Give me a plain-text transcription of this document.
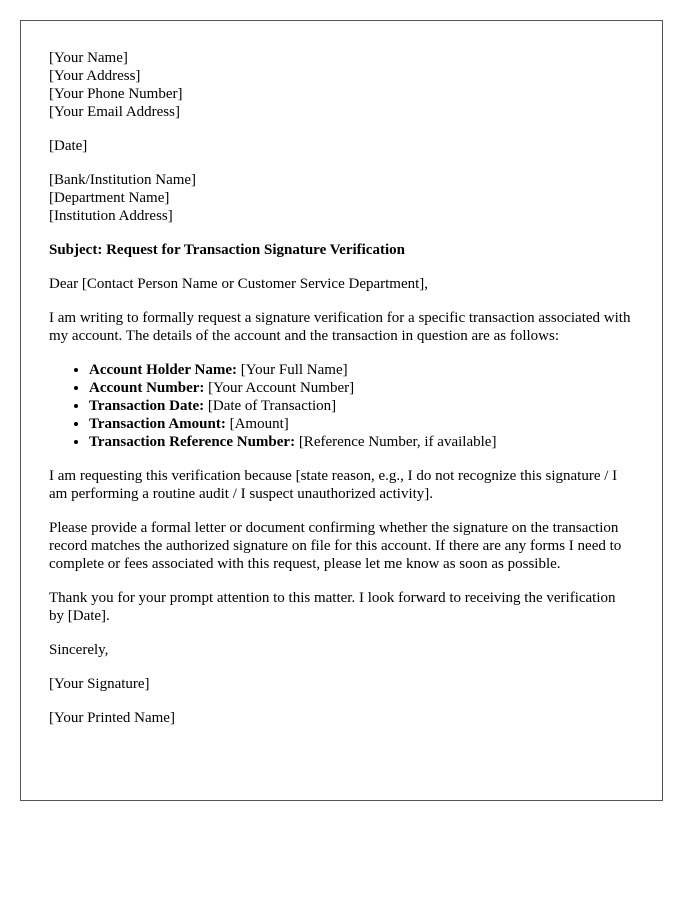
[Your Name]
[Your Address]
[Your Phone Number]
[Your Email Address]

[Date]

[Bank/Institution Name]
[Department Name]
[Institution Address]

Subject: Request for Transaction Signature Verification

Dear [Contact Person Name or Customer Service Department],

I am writing to formally request a signature verification for a specific transaction associated with my account. The details of the account and the transaction in question are as follows:

• Account Holder Name: [Your Full Name]
• Account Number: [Your Account Number]
• Transaction Date: [Date of Transaction]
• Transaction Amount: [Amount]
• Transaction Reference Number: [Reference Number, if available]

I am requesting this verification because [state reason, e.g., I do not recognize this signature / I am performing a routine audit / I suspect unauthorized activity].

Please provide a formal letter or document confirming whether the signature on the transaction record matches the authorized signature on file for this account. If there are any forms I need to complete or fees associated with this request, please let me know as soon as possible.

Thank you for your prompt attention to this matter. I look forward to receiving the verification by [Date].

Sincerely,

[Your Signature]

[Your Printed Name]
